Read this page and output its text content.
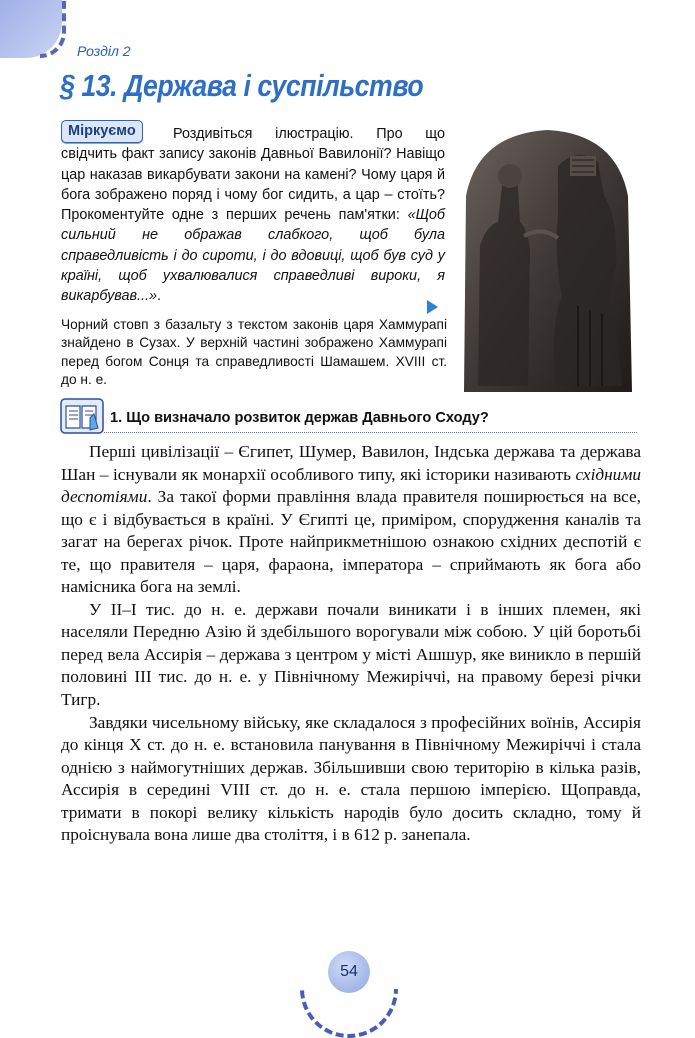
Розділ 2
§ 13. Держава і суспільство
Міркуємо	Роздивіться ілюстрацію. Про що свідчить факт запису законів Давньої Вавилонії? Навіщо цар наказав викарбувати закони на камені? Чому царя й бога зображено поряд і чому бог сидить, а цар – стоїть? Прокоментуйте одне з перших речень пам'ятки: «Щоб сильний не ображав слабкого, щоб була справедливість і до сироти, і до вдовиці, щоб був суд у країні, щоб ухвалювалися справедливі вироки, я викарбував...».
Чорний стовп з базальту з текстом законів царя Хаммурапі знайдено в Сузах. У верхній частині зображено Хаммурапі перед богом Сонця та справедливості Шамашем. XVIII ст. до н. е.
1. Що визначало розвиток держав Давнього Сходу?

Перші цивілізації – Єгипет, Шумер, Вавилон, Індська держава та держава Шан – існували як монархії особливого типу, які історики називають східними деспотіями. За такої форми правління влада правителя поширюється на все, що є і відбувається в країні. У Єгипті це, приміром, спорудження каналів та загат на берегах річок. Проте найприкметнішою ознакою східних деспотій є те, що правителя – царя, фараона, імператора – сприймають як бога або намісника бога на землі.

У II–I тис. до н. е. держави почали виникати і в інших племен, які населяли Передню Азію й здебільшого ворогували між собою. У цій боротьбі перед вела Ассирія – держава з центром у місті Ашшур, яке виникло в першій половині III тис. до н. е. у Північному Межиріччі, на правому березі річки Тигр.

Завдяки чисельному війську, яке складалося з професійних воїнів, Ассирія до кінця X ст. до н. е. встановила панування в Північному Межиріччі і стала однією з наймогутніших держав. Збільшивши свою територію в кілька разів, Ассирія в середині VIII ст. до н. е. стала першою імперією. Щоправда, тримати в покорі велику кількість народів було досить складно, тому й проіснувала вона лише два століття, і в 612 р. занепала.

54
